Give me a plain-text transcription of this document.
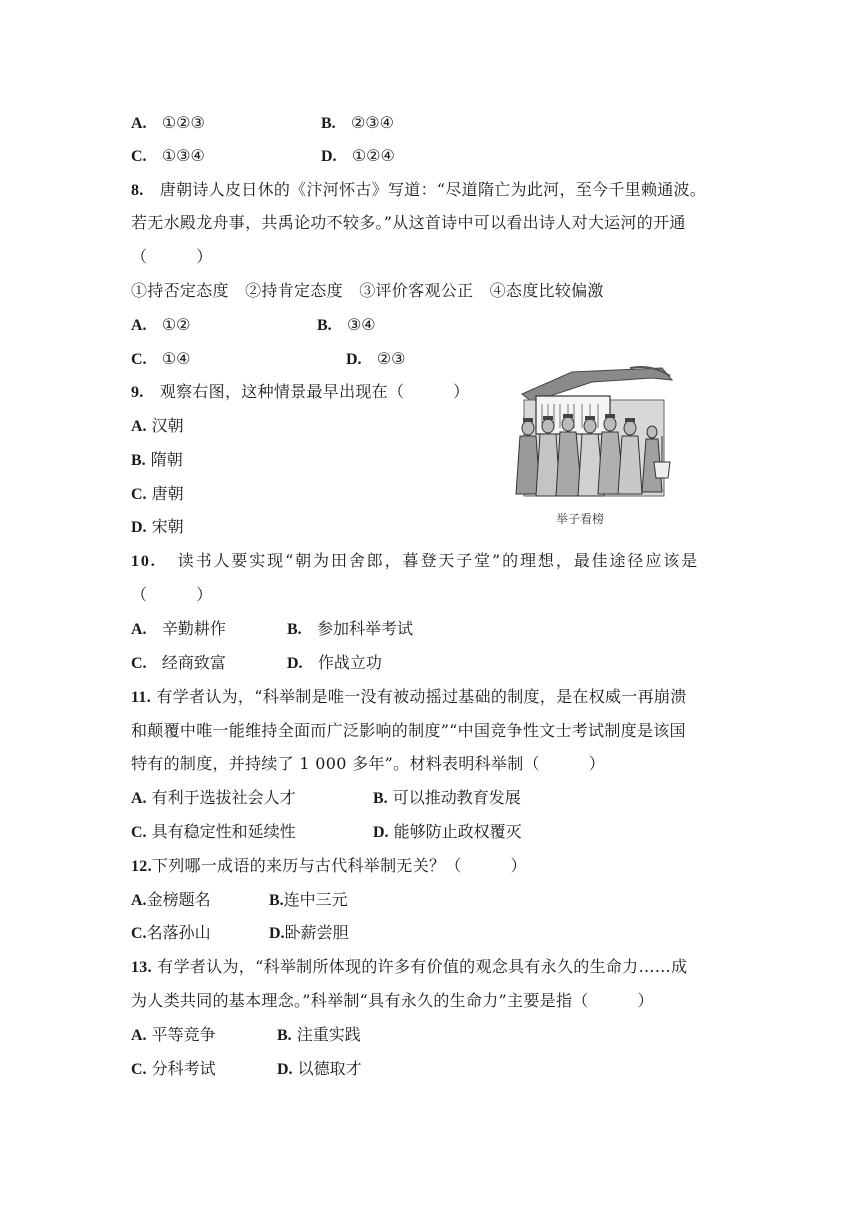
A. ①②③	B. ②③④
C. ①③④	D. ①②④
8. 唐朝诗人皮日休的《汴河怀古》写道：“尽道隋亡为此河，至今千里赖通波。
若无水殿龙舟事，共禹论功不较多。”从这首诗中可以看出诗人对大运河的开通
（　　　）
①持否定态度　②持肯定态度　③评价客观公正　④态度比较偏激
A. ①②	B. ③④
C. ①④	D. ②③
9. 观察右图，这种情景最早出现在（　　　）
A. 汉朝
B. 隋朝
C. 唐朝
D. 宋朝	举子看榜
10. 读书人要实现“朝为田舍郎，暮登天子堂”的理想，最佳途径应该是
（　　　）
A. 辛勤耕作	B. 参加科举考试
C. 经商致富	D. 作战立功
11. 有学者认为，“科举制是唯一没有被动摇过基础的制度，是在权威一再崩溃
和颠覆中唯一能维持全面而广泛影响的制度”“中国竞争性文士考试制度是该国
特有的制度，并持续了 1 000 多年”。材料表明科举制（　　　）
A. 有利于选拔社会人才	B. 可以推动教育发展
C. 具有稳定性和延续性	D. 能够防止政权覆灭
12.下列哪一成语的来历与古代科举制无关？（　　　）
A.金榜题名	B.连中三元
C.名落孙山	D.卧薪尝胆
13. 有学者认为，“科举制所体现的许多有价值的观念具有永久的生命力……成
为人类共同的基本理念。”科举制“具有永久的生命力”主要是指（　　　）
A. 平等竞争	B. 注重实践
C. 分科考试	D. 以德取才
